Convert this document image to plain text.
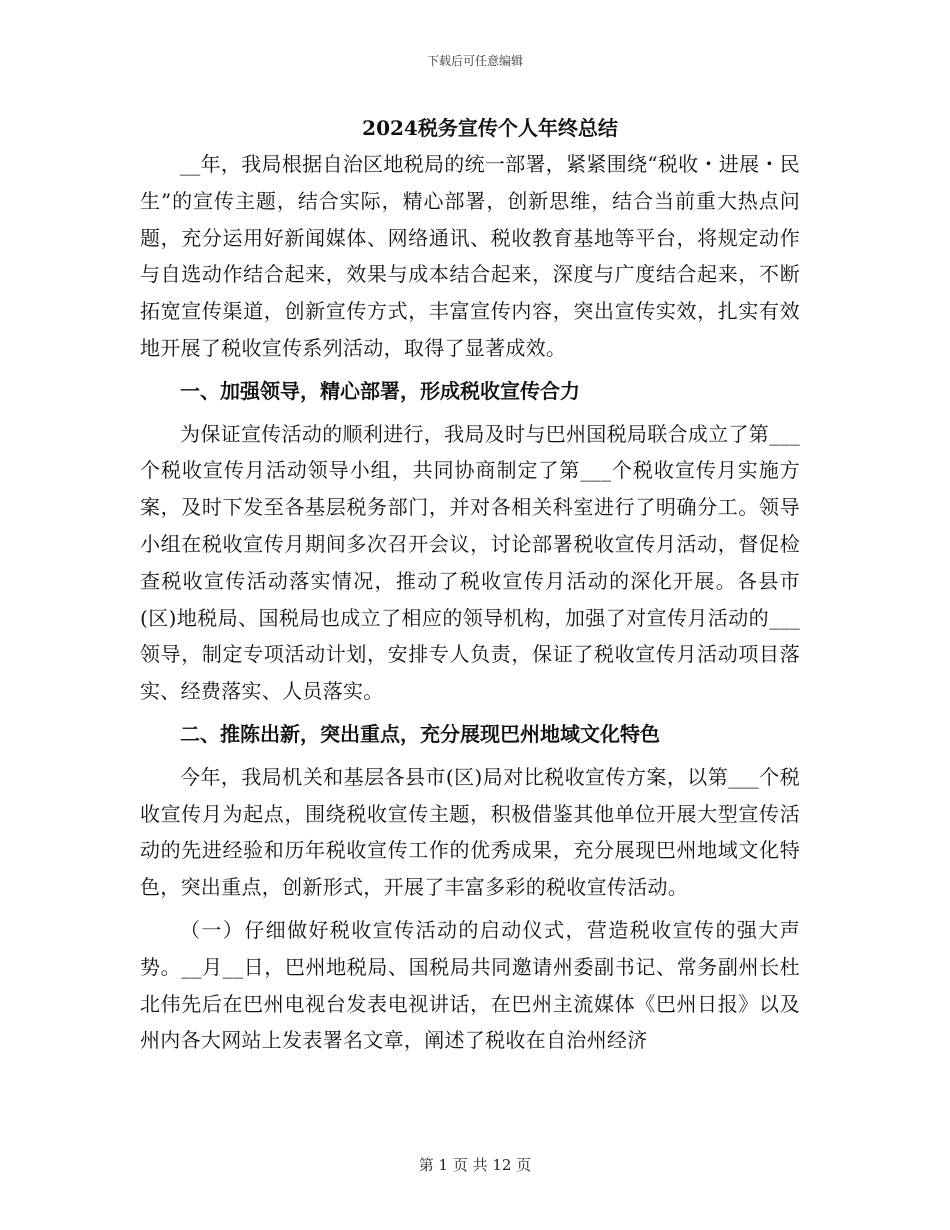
下载后可任意编辑
2024税务宣传个人年终总结

__年，我局根据自治区地税局的统一部署，紧紧围绕“税收・进展・民生”的宣传主题，结合实际，精心部署，创新思维，结合当前重大热点问题，充分运用好新闻媒体、网络通讯、税收教育基地等平台，将规定动作与自选动作结合起来，效果与成本结合起来，深度与广度结合起来，不断拓宽宣传渠道，创新宣传方式，丰富宣传内容，突出宣传实效，扎实有效地开展了税收宣传系列活动，取得了显著成效。

一、加强领导，精心部署，形成税收宣传合力

为保证宣传活动的顺利进行，我局及时与巴州国税局联合成立了第___个税收宣传月活动领导小组，共同协商制定了第___个税收宣传月实施方案，及时下发至各基层税务部门，并对各相关科室进行了明确分工。领导小组在税收宣传月期间多次召开会议，讨论部署税收宣传月活动，督促检查税收宣传活动落实情况，推动了税收宣传月活动的深化开展。各县市(区)地税局、国税局也成立了相应的领导机构，加强了对宣传月活动的___领导，制定专项活动计划，安排专人负责，保证了税收宣传月活动项目落实、经费落实、人员落实。

二、推陈出新，突出重点，充分展现巴州地域文化特色

今年，我局机关和基层各县市(区)局对比税收宣传方案，以第___个税收宣传月为起点，围绕税收宣传主题，积极借鉴其他单位开展大型宣传活动的先进经验和历年税收宣传工作的优秀成果，充分展现巴州地域文化特色，突出重点，创新形式，开展了丰富多彩的税收宣传活动。

（一）仔细做好税收宣传活动的启动仪式，营造税收宣传的强大声势。__月__日，巴州地税局、国税局共同邀请州委副书记、常务副州长杜北伟先后在巴州电视台发表电视讲话，在巴州主流媒体《巴州日报》以及州内各大网站上发表署名文章，阐述了税收在自治州经济

第 1 页 共 12 页
